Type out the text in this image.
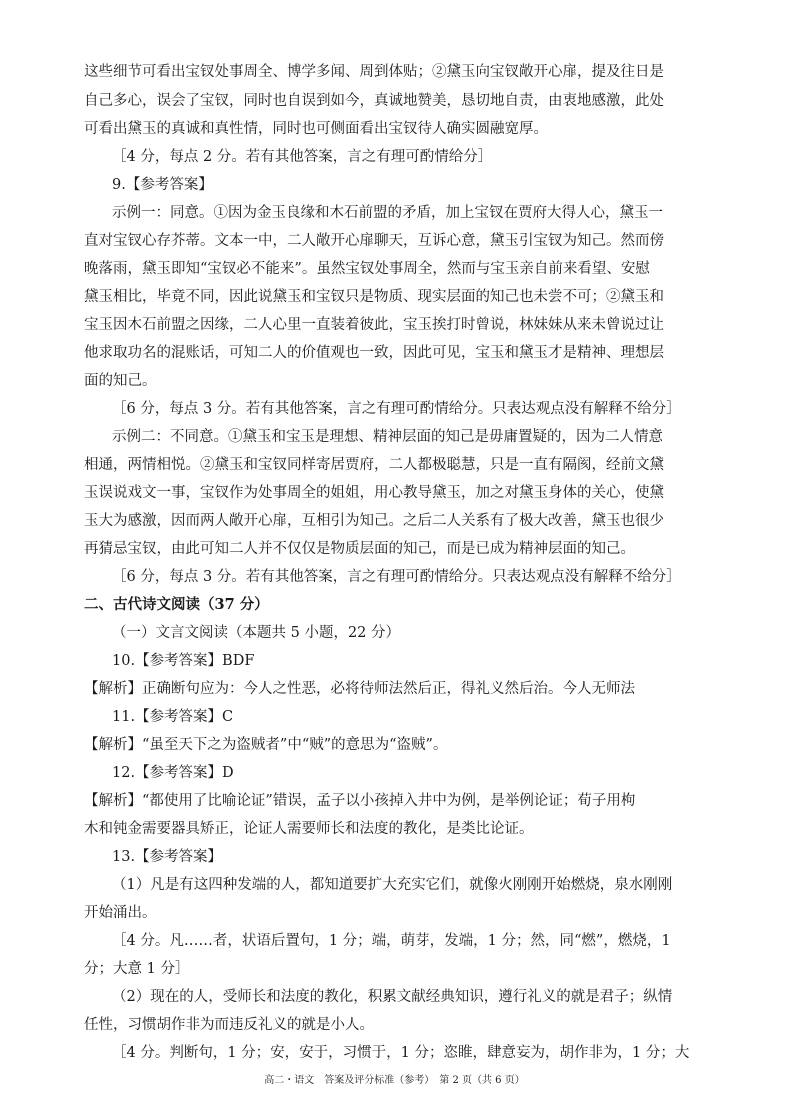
这些细节可看出宝钗处事周全、博学多闻、周到体贴；②黛玉向宝钗敞开心扉，提及往日是
自己多心，误会了宝钗，同时也自误到如今，真诚地赞美，恳切地自责，由衷地感激，此处
可看出黛玉的真诚和真性情，同时也可侧面看出宝钗待人确实圆融宽厚。
［4 分，每点 2 分。若有其他答案，言之有理可酌情给分］
9.【参考答案】
示例一：同意。①因为金玉良缘和木石前盟的矛盾，加上宝钗在贾府大得人心，黛玉一
直对宝钗心存芥蒂。文本一中，二人敞开心扉聊天，互诉心意，黛玉引宝钗为知己。然而傍
晚落雨，黛玉即知“宝钗必不能来”。虽然宝钗处事周全，然而与宝玉亲自前来看望、安慰
黛玉相比，毕竟不同，因此说黛玉和宝钗只是物质、现实层面的知己也未尝不可；②黛玉和
宝玉因木石前盟之因缘，二人心里一直装着彼此，宝玉挨打时曾说，林妹妹从来未曾说过让
他求取功名的混账话，可知二人的价值观也一致，因此可见，宝玉和黛玉才是精神、理想层
面的知己。
［6 分，每点 3 分。若有其他答案，言之有理可酌情给分。只表达观点没有解释不给分］
示例二：不同意。①黛玉和宝玉是理想、精神层面的知己是毋庸置疑的，因为二人情意
相通，两情相悦。②黛玉和宝钗同样寄居贾府，二人都极聪慧，只是一直有隔阂，经前文黛
玉误说戏文一事，宝钗作为处事周全的姐姐，用心教导黛玉，加之对黛玉身体的关心，使黛
玉大为感激，因而两人敞开心扉，互相引为知己。之后二人关系有了极大改善，黛玉也很少
再猜忌宝钗，由此可知二人并不仅仅是物质层面的知己，而是已成为精神层面的知己。
［6 分，每点 3 分。若有其他答案，言之有理可酌情给分。只表达观点没有解释不给分］
二、古代诗文阅读（37 分）
（一）文言文阅读（本题共 5 小题，22 分）
10.【参考答案】BDF
【解析】正确断句应为：今人之性恶，必将待师法然后正，得礼义然后治。今人无师法
11.【参考答案】C
【解析】“虽至天下之为盗贼者”中“贼”的意思为“盗贼”。
12.【参考答案】D
【解析】“都使用了比喻论证”错误，孟子以小孩掉入井中为例，是举例论证；荀子用枸
木和钝金需要器具矫正，论证人需要师长和法度的教化，是类比论证。
13.【参考答案】
（1）凡是有这四种发端的人，都知道要扩大充实它们，就像火刚刚开始燃烧，泉水刚刚
开始涌出。
［4 分。凡……者，状语后置句，1 分；端，萌芽，发端，1 分；然，同“燃”，燃烧，1
分；大意 1 分］
（2）现在的人，受师长和法度的教化，积累文献经典知识，遵行礼义的就是君子；纵情
任性，习惯胡作非为而违反礼义的就是小人。
［4 分。判断句，1 分；安，安于，习惯于，1 分；恣睢，肆意妄为，胡作非为，1 分；大
高二・语文　答案及评分标准（参考）　第 2 页（共 6 页）
